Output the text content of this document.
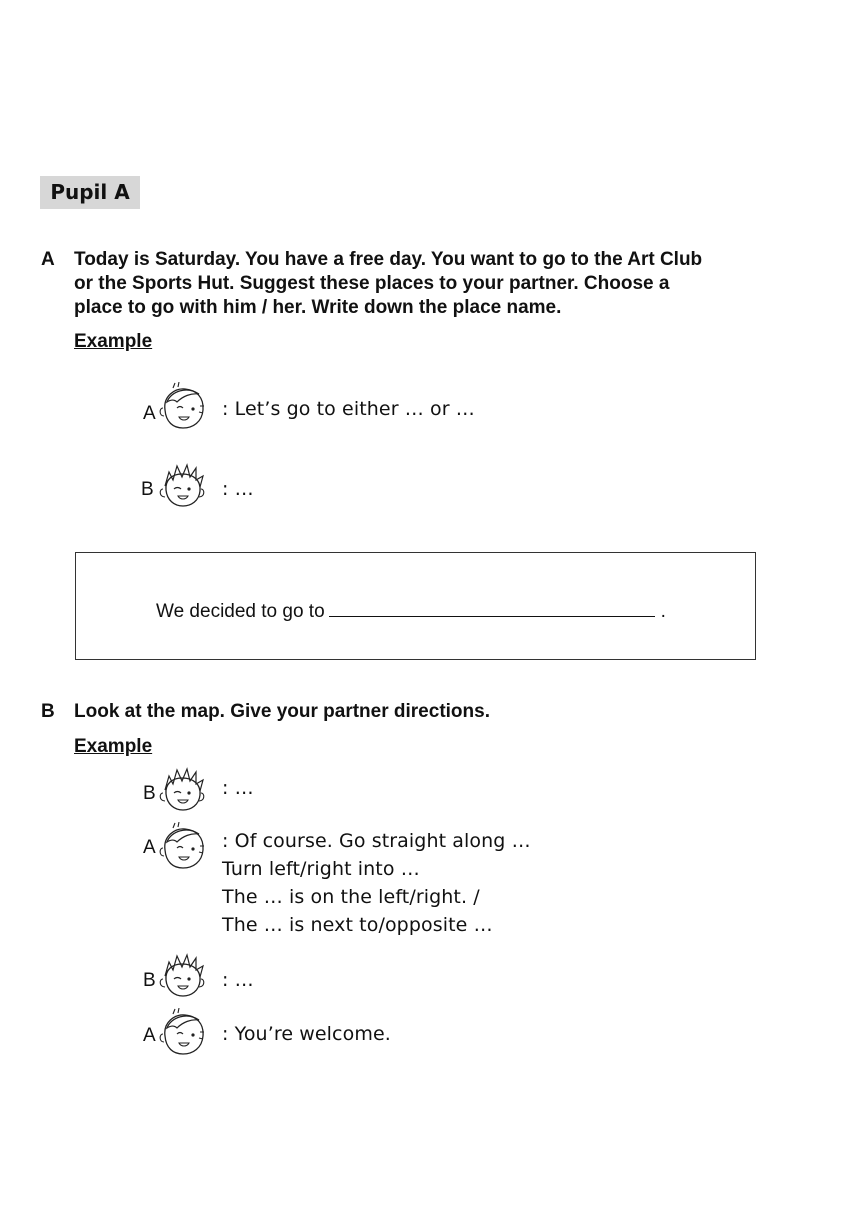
Pupil A
A Today is Saturday. You have a free day. You want to go to the Art Club
or the Sports Hut. Suggest these places to your partner. Choose a
place to go with him / her. Write down the place name.
Example
A	: Let’s go to either … or …
B	: …
We decided to go to	.
B Look at the map. Give your partner directions.
Example
B	: …
A	: Of course. Go straight along …
Turn left/right into …
The … is on the left/right. /
The … is next to/opposite …
B	: …
A	: You’re welcome.
